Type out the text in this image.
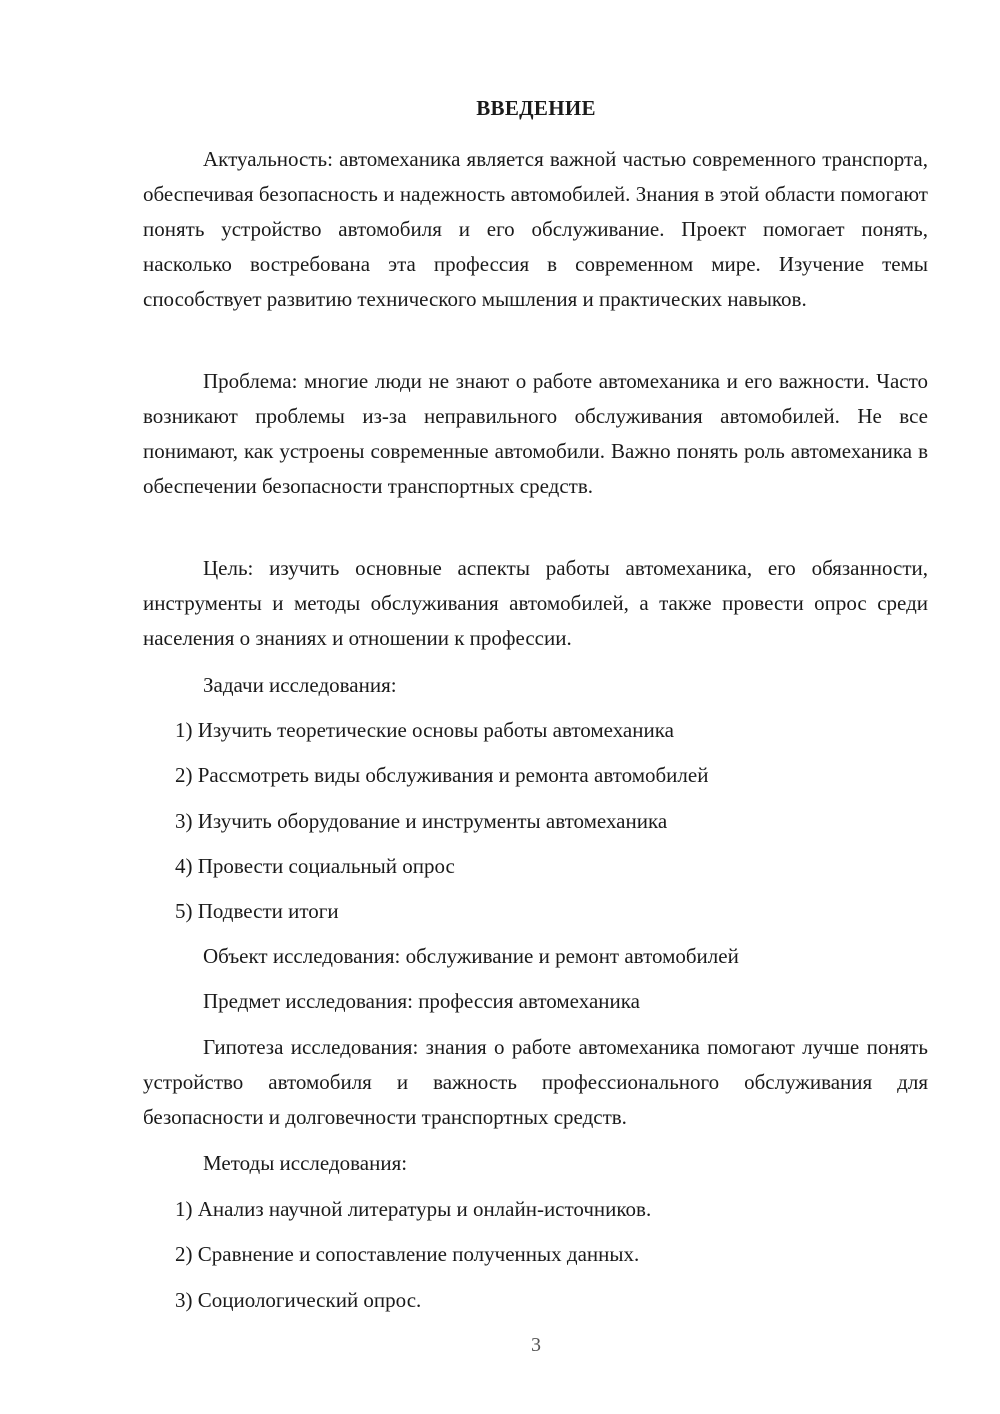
ВВЕДЕНИЕ

Актуальность: автомеханика является важной частью современного транспорта, обеспечивая безопасность и надежность автомобилей. Знания в этой области помогают понять устройство автомобиля и его обслуживание. Проект помогает понять, насколько востребована эта профессия в современном мире. Изучение темы способствует развитию технического мышления и практических навыков.

Проблема: многие люди не знают о работе автомеханика и его важности. Часто возникают проблемы из-за неправильного обслуживания автомобилей. Не все понимают, как устроены современные автомобили. Важно понять роль автомеханика в обеспечении безопасности транспортных средств.

Цель: изучить основные аспекты работы автомеханика, его обязанности, инструменты и методы обслуживания автомобилей, а также провести опрос среди населения о знаниях и отношении к профессии.

Задачи исследования:

1) Изучить теоретические основы работы автомеханика

2) Рассмотреть виды обслуживания и ремонта автомобилей

3) Изучить оборудование и инструменты автомеханика

4) Провести социальный опрос

5) Подвести итоги

Объект исследования: обслуживание и ремонт автомобилей

Предмет исследования: профессия автомеханика

Гипотеза исследования: знания о работе автомеханика помогают лучше понять устройство автомобиля и важность профессионального обслуживания для безопасности и долговечности транспортных средств.

Методы исследования:

1) Анализ научной литературы и онлайн-источников.

2) Сравнение и сопоставление полученных данных.

3) Социологический опрос.

3
